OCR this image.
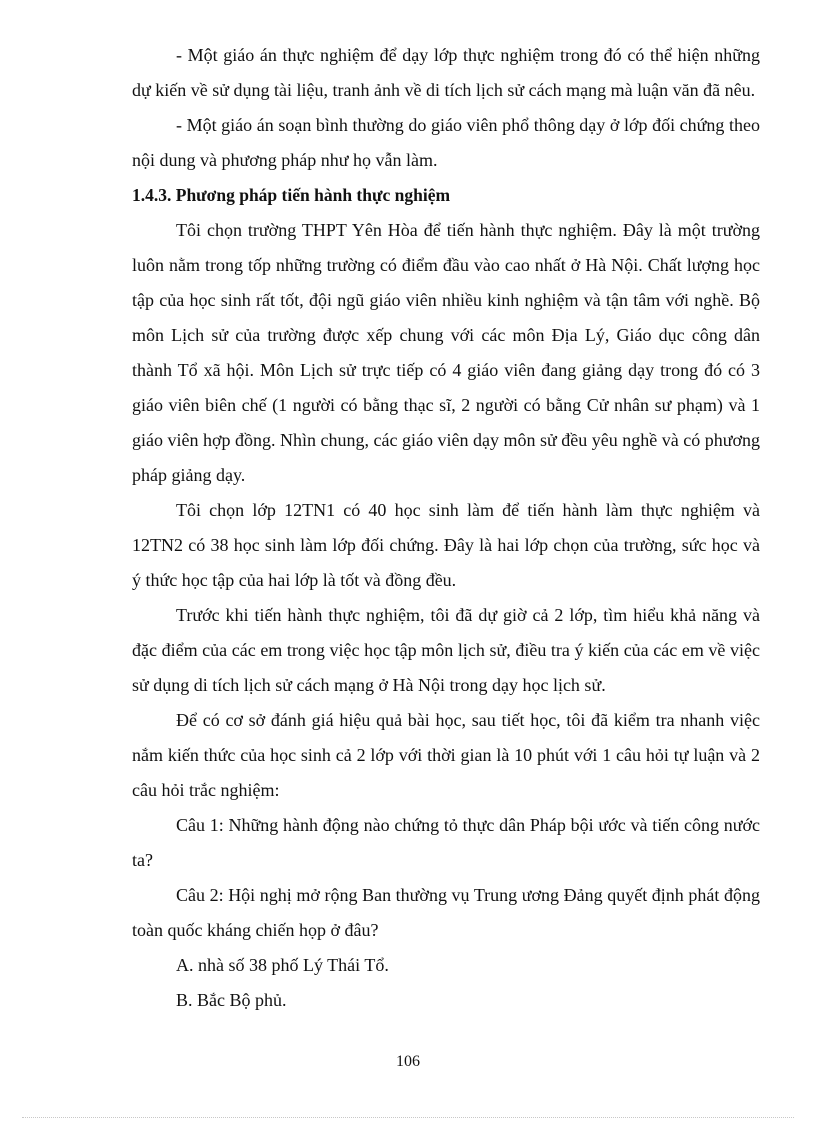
- Một giáo án thực nghiệm để dạy lớp thực nghiệm trong đó có thể hiện những dự kiến về sử dụng tài liệu, tranh ảnh về di tích lịch sử cách mạng mà luận văn đã nêu.

- Một giáo án soạn bình thường do giáo viên phổ thông dạy ở lớp đối chứng theo nội dung và phương pháp như họ vẫn làm.

1.4.3. Phương pháp tiến hành thực nghiệm

Tôi chọn trường THPT Yên Hòa để tiến hành thực nghiệm. Đây là một trường luôn nằm trong tốp những trường có điểm đầu vào cao nhất ở Hà Nội. Chất lượng học tập của học sinh rất tốt, đội ngũ giáo viên nhiều kinh nghiệm và tận tâm với nghề. Bộ môn Lịch sử của trường được xếp chung với các môn Địa Lý, Giáo dục công dân thành Tổ xã hội. Môn Lịch sử trực tiếp có 4 giáo viên đang giảng dạy trong đó có 3 giáo viên biên chế (1 người có bằng thạc sĩ, 2 người có bằng Cử nhân sư phạm) và 1 giáo viên hợp đồng. Nhìn chung, các giáo viên dạy môn sử đều yêu nghề và có phương pháp giảng dạy.

Tôi chọn lớp 12TN1 có 40 học sinh làm để tiến hành làm thực nghiệm và 12TN2 có 38 học sinh làm lớp đối chứng. Đây là hai lớp chọn của trường, sức học và ý thức học tập của hai lớp là tốt và đồng đều.

Trước khi tiến hành thực nghiệm, tôi đã dự giờ cả 2 lớp, tìm hiểu khả năng và đặc điểm của các em trong việc học tập môn lịch sử, điều tra ý kiến của các em về việc sử dụng di tích lịch sử cách mạng ở Hà Nội trong dạy học lịch sử.

Để có cơ sở đánh giá hiệu quả bài học, sau tiết học, tôi đã kiểm tra nhanh việc nắm kiến thức của học sinh cả 2 lớp với thời gian là 10 phút với 1 câu hỏi tự luận và 2 câu hỏi trắc nghiệm:

Câu 1: Những hành động nào chứng tỏ thực dân Pháp bội ước và tiến công nước ta?

Câu 2: Hội nghị mở rộng Ban thường vụ Trung ương Đảng quyết định phát động toàn quốc kháng chiến họp ở đâu?

A. nhà số 38 phố Lý Thái Tổ.

B. Bắc Bộ phủ.

106
